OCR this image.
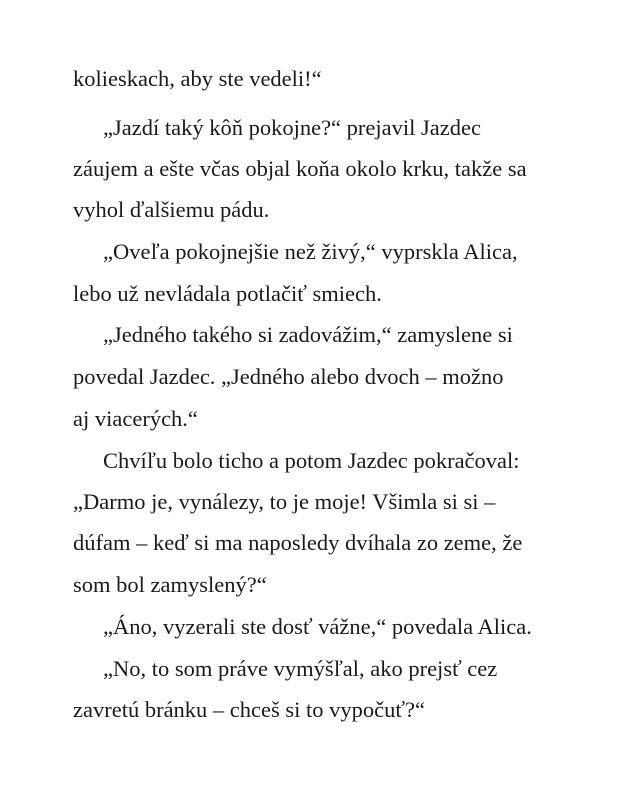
kolieskach, aby ste vedeli!“

„Jazdí taký kôň pokojne?“ prejavil Jazdec

záujem a ešte včas objal koňa okolo krku, takže sa

vyhol ďalšiemu pádu.

„Oveľa pokojnejšie než živý,“ vyprskla Alica,

lebo už nevládala potlačiť smiech.

„Jedného takého si zadovážim,“ zamyslene si

povedal Jazdec. „Jedného alebo dvoch – možno

aj viacerých.“

Chvíľu bolo ticho a potom Jazdec pokračoval:

„Darmo je, vynálezy, to je moje! Všimla si si –

dúfam – keď si ma naposledy dvíhala zo zeme, že

som bol zamyslený?“

„Áno, vyzerali ste dosť vážne,“ povedala Alica.

„No, to som práve vymýšľal, ako prejsť cez

zavretú bránku – chceš si to vypočuť?“
